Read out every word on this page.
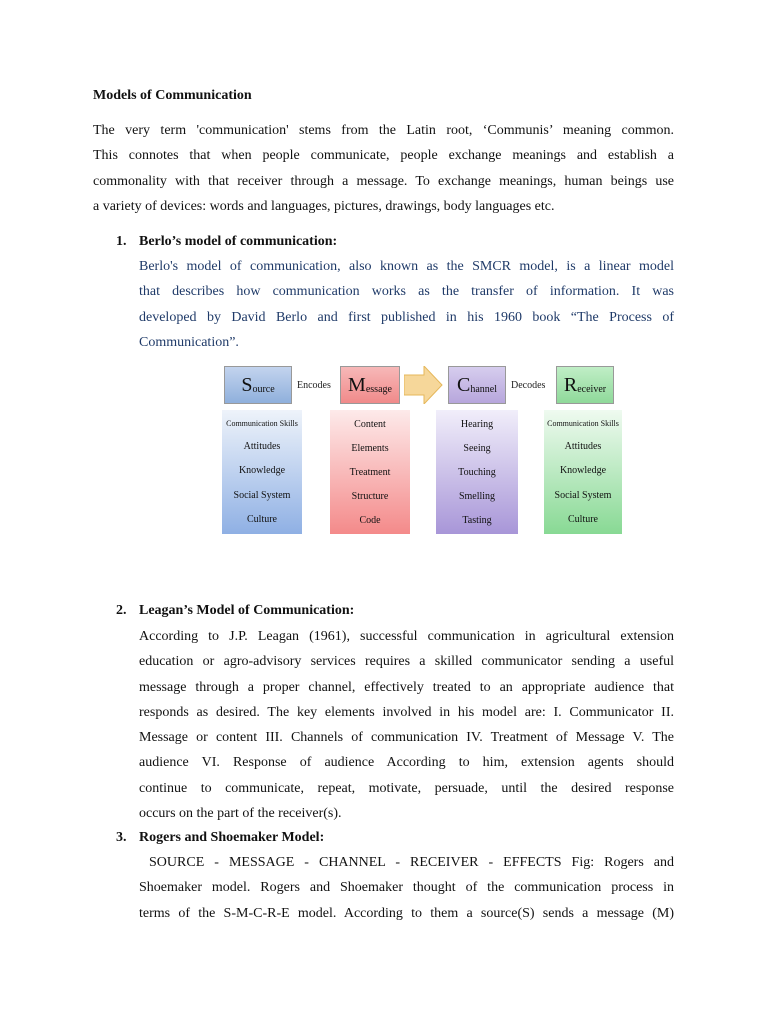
Models of Communication
The very term 'communication' stems from the Latin root, ‘Communis’ meaning common.
This connotes that when people communicate, people exchange meanings and establish a
commonality with that receiver through a message. To exchange meanings, human beings use
a variety of devices: words and languages, pictures, drawings, body languages etc.
1. Berlo’s model of communication:
Berlo's model of communication, also known as the SMCR model, is a linear model
that describes how communication works as the transfer of information. It was
developed by David Berlo and first published in his 1960 book “The Process of
Communication”.
S ource Encodes M essage	C hannel Decodes R eceiver
Communication Skills
Attitudes
Knowledge
Social System
Culture
Content
Elements
Treatment
Structure
Code
Hearing
Seeing
Touching
Smelling
Tasting
Communication Skills
Attitudes
Knowledge
Social System
Culture
2. Leagan’s Model of Communication:
According to J.P. Leagan (1961), successful communication in agricultural extension
education or agro-advisory services requires a skilled communicator sending a useful
message through a proper channel, effectively treated to an appropriate audience that
responds as desired. The key elements involved in his model are: I. Communicator II.
Message or content III. Channels of communication IV. Treatment of Message V. The
audience VI. Response of audience According to him, extension agents should
continue to communicate, repeat, motivate, persuade, until the desired response
occurs on the part of the receiver(s).
3. Rogers and Shoemaker Model:
SOURCE - MESSAGE - CHANNEL - RECEIVER - EFFECTS Fig: Rogers and
Shoemaker model. Rogers and Shoemaker thought of the communication process in
terms of the S-M-C-R-E model. According to them a source(S) sends a message (M)
